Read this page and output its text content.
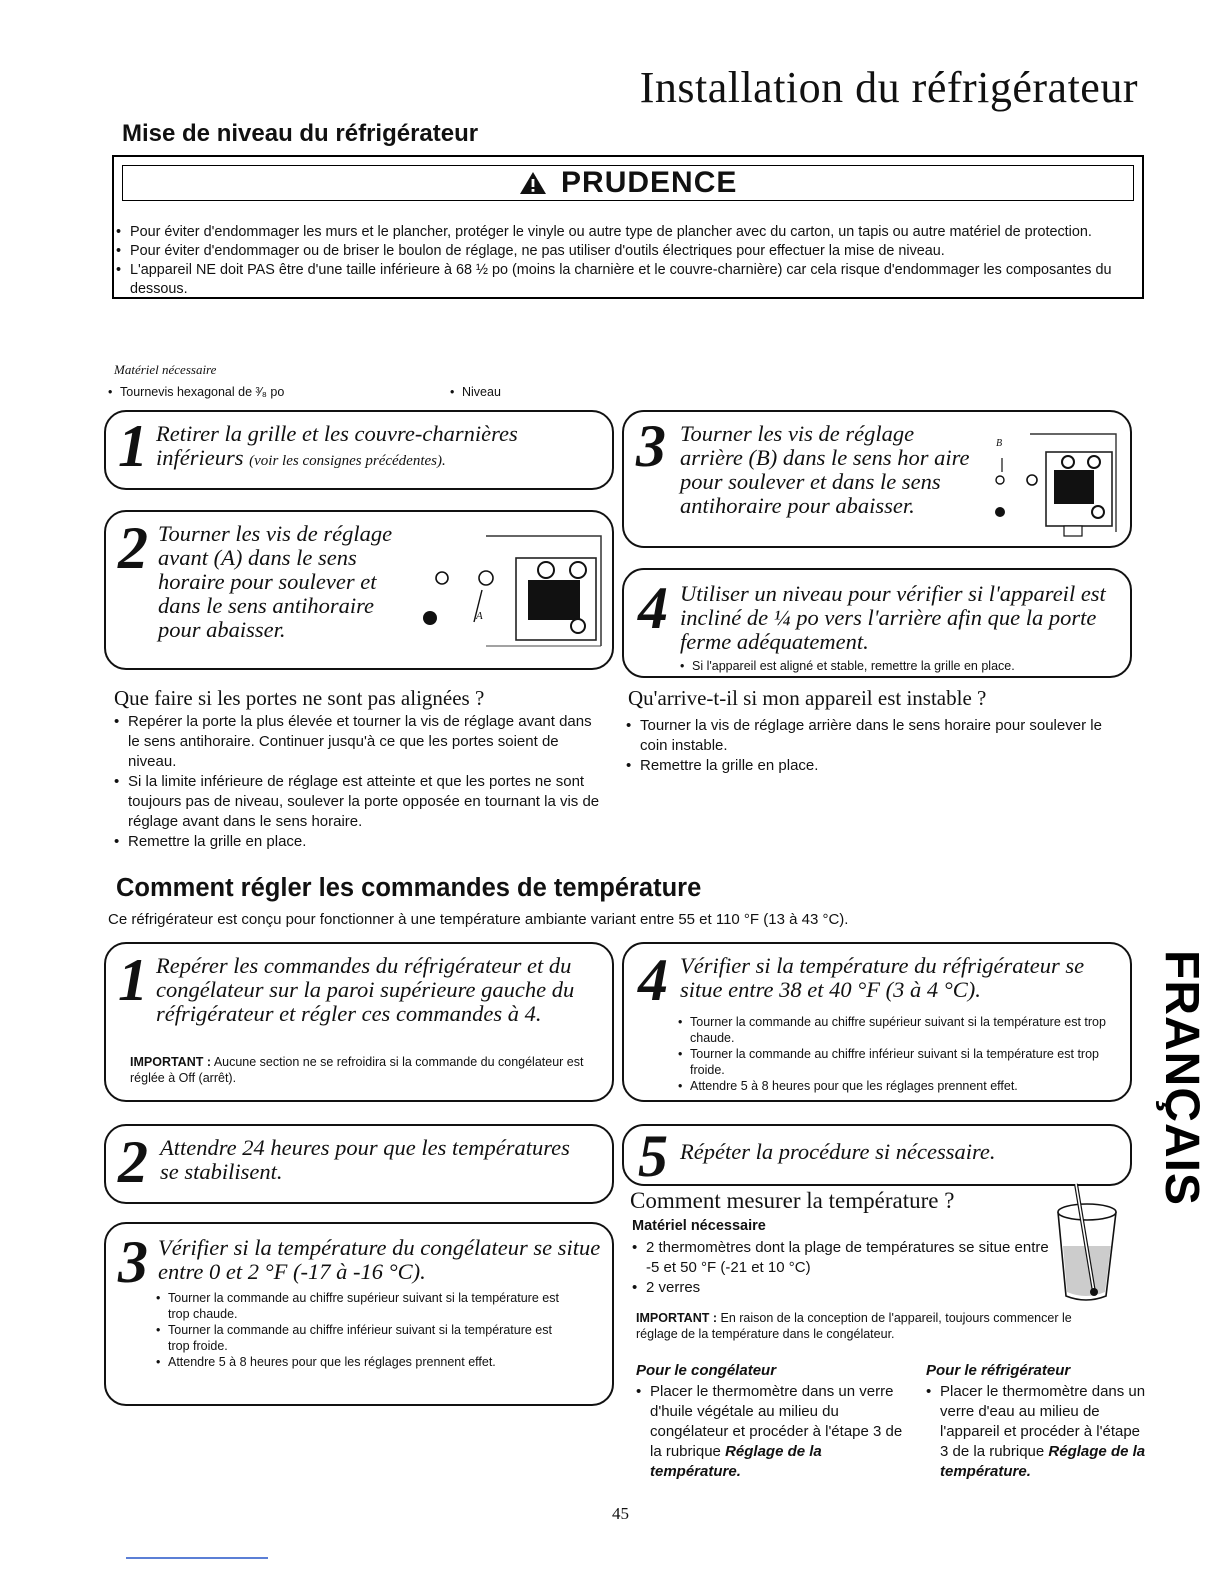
Installation du réfrigérateur
Mise de niveau du réfrigérateur
PRUDENCE
• Pour éviter d'endommager les murs et le plancher, protéger le vinyle ou autre type de plancher avec du carton, un tapis ou autre matériel de protection.
• Pour éviter d'endommager ou de briser le boulon de réglage, ne pas utiliser d'outils électriques pour effectuer la mise de niveau.
• L'appareil NE doit PAS être d'une taille inférieure à 68 ½ po (moins la charnière et le couvre-charnière) car cela risque d'endommager les composantes du dessous.
Matériel nécessaire
• Tournevis hexagonal de ³⁄₈ po
•	Niveau
1 Retirer la grille et les couvre-charnières inférieurs (voir les consignes précédentes).
2 Tourner les vis de réglage avant (A) dans le sens horaire pour soulever et dans le sens antihoraire pour abaisser.
A
3 Tourner les vis de réglage arrière (B) dans le sens hor aire pour soulever et dans le sens antihoraire pour abaisser.
B
4 Utiliser un niveau pour vérifier si l'appareil est incliné de ¼ po vers l'arrière afin que la porte ferme adéquatement.
• Si l'appareil est aligné et stable, remettre la grille en place.
Que faire si les portes ne sont pas alignées ?
• Repérer la porte la plus élevée et tourner la vis de réglage avant dans le sens antihoraire. Continuer jusqu'à ce que les portes soient de niveau.
• Si la limite inférieure de réglage est atteinte et que les portes ne sont toujours pas de niveau, soulever la porte opposée en tournant la vis de réglage avant dans le sens horaire.
• Remettre la grille en place.
Qu'arrive-t-il si mon appareil est instable ?
• Tourner la vis de réglage arrière dans le sens horaire pour soulever le coin instable.
• Remettre la grille en place.
Comment régler les commandes de température
Ce réfrigérateur est conçu pour fonctionner à une température ambiante variant entre 55 et 110 °F (13 à 43 °C).
1 Repérer les commandes du réfrigérateur et du congélateur sur la paroi supérieure gauche du réfrigérateur et régler ces commandes à 4.
IMPORTANT : Aucune section ne se refroidira si la commande du congélateur est réglée à Off (arrêt).
2 Attendre 24 heures pour que les températures se stabilisent.
3 Vérifier si la température du congélateur se situe entre 0 et 2 °F (-17 à -16 °C).
• Tourner la commande au chiffre supérieur suivant si la température est trop chaude.
• Tourner la commande au chiffre inférieur suivant si la température est trop froide.
• Attendre 5 à 8 heures pour que les réglages prennent effet.
4 Vérifier si la température du réfrigérateur se situe entre 38 et 40 °F (3 à 4 °C).
• Tourner la commande au chiffre supérieur suivant si la température est trop chaude.
• Tourner la commande au chiffre inférieur suivant si la température est trop froide.
• Attendre 5 à 8 heures pour que les réglages prennent effet.
5 Répéter la procédure si nécessaire.
Comment mesurer la température ?
Matériel nécessaire
• 2 thermomètres dont la plage de températures se situe entre -5 et 50 °F (-21 et 10 °C)
• 2 verres
IMPORTANT : En raison de la conception de l'appareil, toujours commencer le réglage de la température dans le congélateur.
Pour le congélateur
• Placer le thermomètre dans un verre d'huile végétale au milieu du congélateur et procéder à l'étape 3 de la rubrique Réglage de la température.
Pour le réfrigérateur
• Placer le thermomètre dans un verre d'eau au milieu de l'appareil et procéder à l'étape 3 de la rubrique Réglage de la température.
FRANÇAIS
45
